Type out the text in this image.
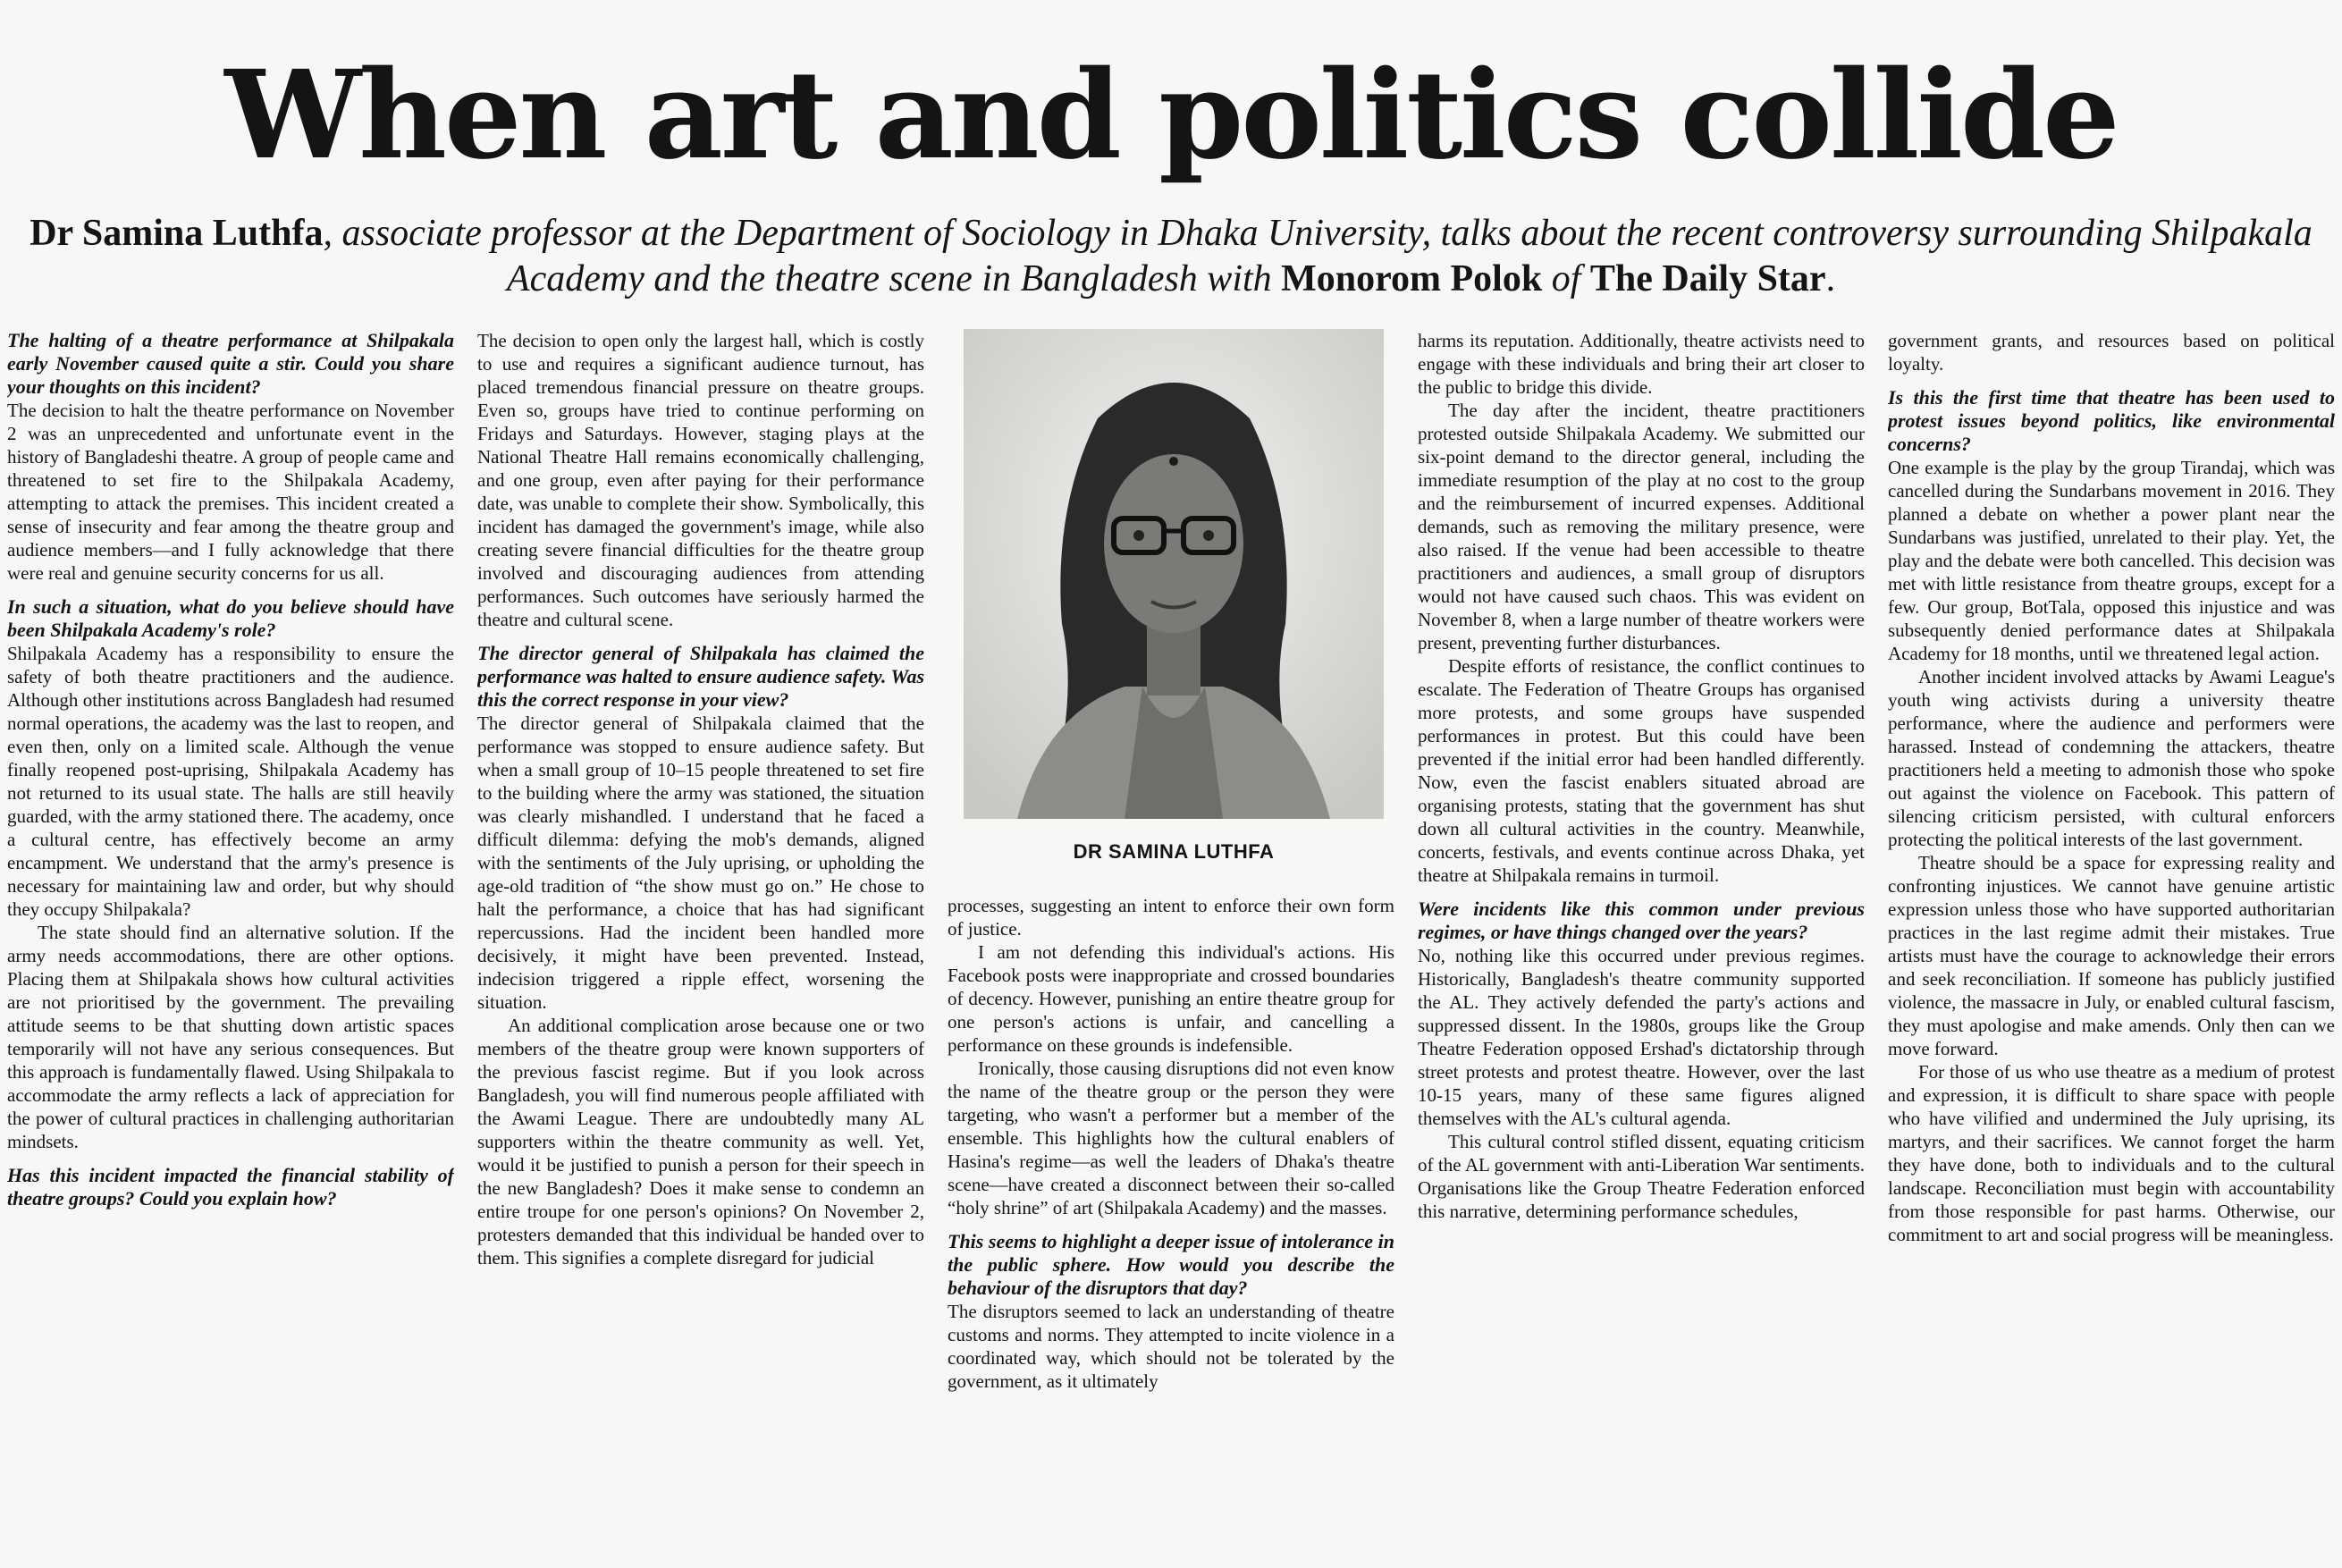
When art and politics collide
Dr Samina Luthfa, associate professor at the Department of Sociology in Dhaka University, talks about the recent controversy surrounding Shilpakala Academy and the theatre scene in Bangladesh with Monorom Polok of The Daily Star.
The halting of a theatre performance at Shilpakala early November caused quite a stir. Could you share your thoughts on this incident?

The decision to halt the theatre performance on November 2 was an unprecedented and unfortunate event in the history of Bangladeshi theatre. A group of people came and threatened to set fire to the Shilpakala Academy, attempting to attack the premises. This incident created a sense of insecurity and fear among the theatre group and audience members—and I fully acknowledge that there were real and genuine security concerns for us all.

In such a situation, what do you believe should have been Shilpakala Academy's role?

Shilpakala Academy has a responsibility to ensure the safety of both theatre practitioners and the audience. Although other institutions across Bangladesh had resumed normal operations, the academy was the last to reopen, and even then, only on a limited scale. Although the venue finally reopened post-uprising, Shilpakala Academy has not returned to its usual state. The halls are still heavily guarded, with the army stationed there. The academy, once a cultural centre, has effectively become an army encampment. We understand that the army's presence is necessary for maintaining law and order, but why should they occupy Shilpakala?

The state should find an alternative solution. If the army needs accommodations, there are other options. Placing them at Shilpakala shows how cultural activities are not prioritised by the government. The prevailing attitude seems to be that shutting down artistic spaces temporarily will not have any serious consequences. But this approach is fundamentally flawed. Using Shilpakala to accommodate the army reflects a lack of appreciation for the power of cultural practices in challenging authoritarian mindsets.

Has this incident impacted the financial stability of theatre groups? Could you explain how?

The decision to open only the largest hall, which is costly to use and requires a significant audience turnout, has placed tremendous financial pressure on theatre groups. Even so, groups have tried to continue performing on Fridays and Saturdays. However, staging plays at the National Theatre Hall remains economically challenging, and one group, even after paying for their performance date, was unable to complete their show. Symbolically, this incident has damaged the government's image, while also creating severe financial difficulties for the theatre group involved and discouraging audiences from attending performances. Such outcomes have seriously harmed the theatre and cultural scene.

The director general of Shilpakala has claimed the performance was halted to ensure audience safety. Was this the correct response in your view?

The director general of Shilpakala claimed that the performance was stopped to ensure audience safety. But when a small group of 10–15 people threatened to set fire to the building where the army was stationed, the situation was clearly mishandled. I understand that he faced a difficult dilemma: defying the mob's demands, aligned with the sentiments of the July uprising, or upholding the age-old tradition of “the show must go on.” He chose to halt the performance, a choice that has had significant repercussions. Had the incident been handled more decisively, it might have been prevented. Instead, indecision triggered a ripple effect, worsening the situation.

An additional complication arose because one or two members of the theatre group were known supporters of the previous fascist regime. But if you look across Bangladesh, you will find numerous people affiliated with the Awami League. There are undoubtedly many AL supporters within the theatre community as well. Yet, would it be justified to punish a person for their speech in the new Bangladesh? Does it make sense to condemn an entire troupe for one person's opinions? On November 2, protesters demanded that this individual be handed over to them. This signifies a complete disregard for judicial

DR SAMINA LUTHFA

processes, suggesting an intent to enforce their own form of justice.

I am not defending this individual's actions. His Facebook posts were inappropriate and crossed boundaries of decency. However, punishing an entire theatre group for one person's actions is unfair, and cancelling a performance on these grounds is indefensible.

Ironically, those causing disruptions did not even know the name of the theatre group or the person they were targeting, who wasn't a performer but a member of the ensemble. This highlights how the cultural enablers of Hasina's regime—as well the leaders of Dhaka's theatre scene—have created a disconnect between their so-called “holy shrine” of art (Shilpakala Academy) and the masses.

This seems to highlight a deeper issue of intolerance in the public sphere. How would you describe the behaviour of the disruptors that day?

The disruptors seemed to lack an understanding of theatre customs and norms. They attempted to incite violence in a coordinated way, which should not be tolerated by the government, as it ultimately

harms its reputation. Additionally, theatre activists need to engage with these individuals and bring their art closer to the public to bridge this divide.

The day after the incident, theatre practitioners protested outside Shilpakala Academy. We submitted our six-point demand to the director general, including the immediate resumption of the play at no cost to the group and the reimbursement of incurred expenses. Additional demands, such as removing the military presence, were also raised. If the venue had been accessible to theatre practitioners and audiences, a small group of disruptors would not have caused such chaos. This was evident on November 8, when a large number of theatre workers were present, preventing further disturbances.

Despite efforts of resistance, the conflict continues to escalate. The Federation of Theatre Groups has organised more protests, and some groups have suspended performances in protest. But this could have been prevented if the initial error had been handled differently. Now, even the fascist enablers situated abroad are organising protests, stating that the government has shut down all cultural activities in the country. Meanwhile, concerts, festivals, and events continue across Dhaka, yet theatre at Shilpakala remains in turmoil.

Were incidents like this common under previous regimes, or have things changed over the years?

No, nothing like this occurred under previous regimes. Historically, Bangladesh's theatre community supported the AL. They actively defended the party's actions and suppressed dissent. In the 1980s, groups like the Group Theatre Federation opposed Ershad's dictatorship through street protests and protest theatre. However, over the last 10-15 years, many of these same figures aligned themselves with the AL's cultural agenda.

This cultural control stifled dissent, equating criticism of the AL government with anti-Liberation War sentiments. Organisations like the Group Theatre Federation enforced this narrative, determining performance schedules,

government grants, and resources based on political loyalty.

Is this the first time that theatre has been used to protest issues beyond politics, like environmental concerns?

One example is the play by the group Tirandaj, which was cancelled during the Sundarbans movement in 2016. They planned a debate on whether a power plant near the Sundarbans was justified, unrelated to their play. Yet, the play and the debate were both cancelled. This decision was met with little resistance from theatre groups, except for a few. Our group, BotTala, opposed this injustice and was subsequently denied performance dates at Shilpakala Academy for 18 months, until we threatened legal action.

Another incident involved attacks by Awami League's youth wing activists during a university theatre performance, where the audience and performers were harassed. Instead of condemning the attackers, theatre practitioners held a meeting to admonish those who spoke out against the violence on Facebook. This pattern of silencing criticism persisted, with cultural enforcers protecting the political interests of the last government.

Theatre should be a space for expressing reality and confronting injustices. We cannot have genuine artistic expression unless those who have supported authoritarian practices in the last regime admit their mistakes. True artists must have the courage to acknowledge their errors and seek reconciliation. If someone has publicly justified violence, the massacre in July, or enabled cultural fascism, they must apologise and make amends. Only then can we move forward.

For those of us who use theatre as a medium of protest and expression, it is difficult to share space with people who have vilified and undermined the July uprising, its martyrs, and their sacrifices. We cannot forget the harm they have done, both to individuals and to the cultural landscape. Reconciliation must begin with accountability from those responsible for past harms. Otherwise, our commitment to art and social progress will be meaningless.
